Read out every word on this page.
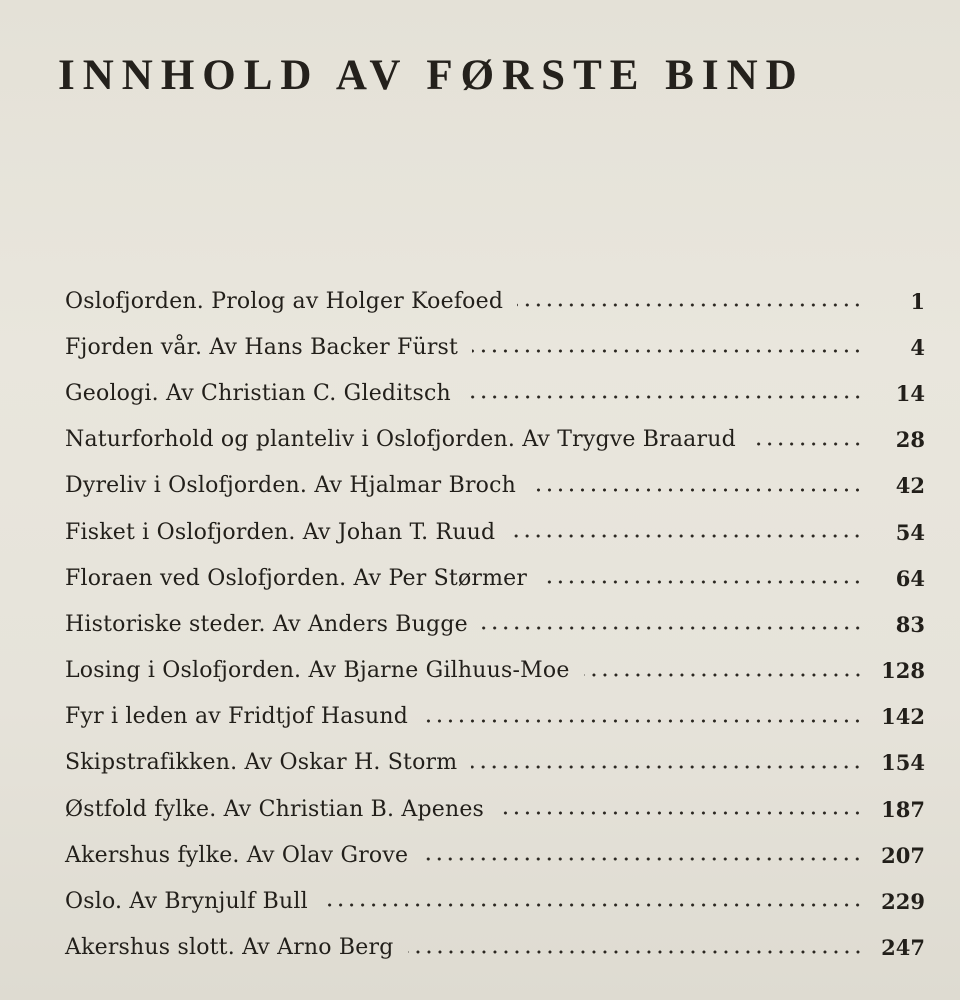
INNHOLD AV FØRSTE BIND
Oslofjorden. Prolog av Holger Koefoed	1
Fjorden vår. Av Hans Backer Fürst	4
Geologi. Av Christian C. Gleditsch	14
Naturforhold og planteliv i Oslofjorden. Av Trygve Braarud	28
Dyreliv i Oslofjorden. Av Hjalmar Broch	42
Fisket i Oslofjorden. Av Johan T. Ruud	54
Floraen ved Oslofjorden. Av Per Størmer	64
Historiske steder. Av Anders Bugge	83
Losing i Oslofjorden. Av Bjarne Gilhuus-Moe	128
Fyr i leden av Fridtjof Hasund	142
Skipstrafikken. Av Oskar H. Storm	154
Østfold fylke. Av Christian B. Apenes	187
Akershus fylke. Av Olav Grove	207
Oslo. Av Brynjulf Bull	229
Akershus slott. Av Arno Berg	247
